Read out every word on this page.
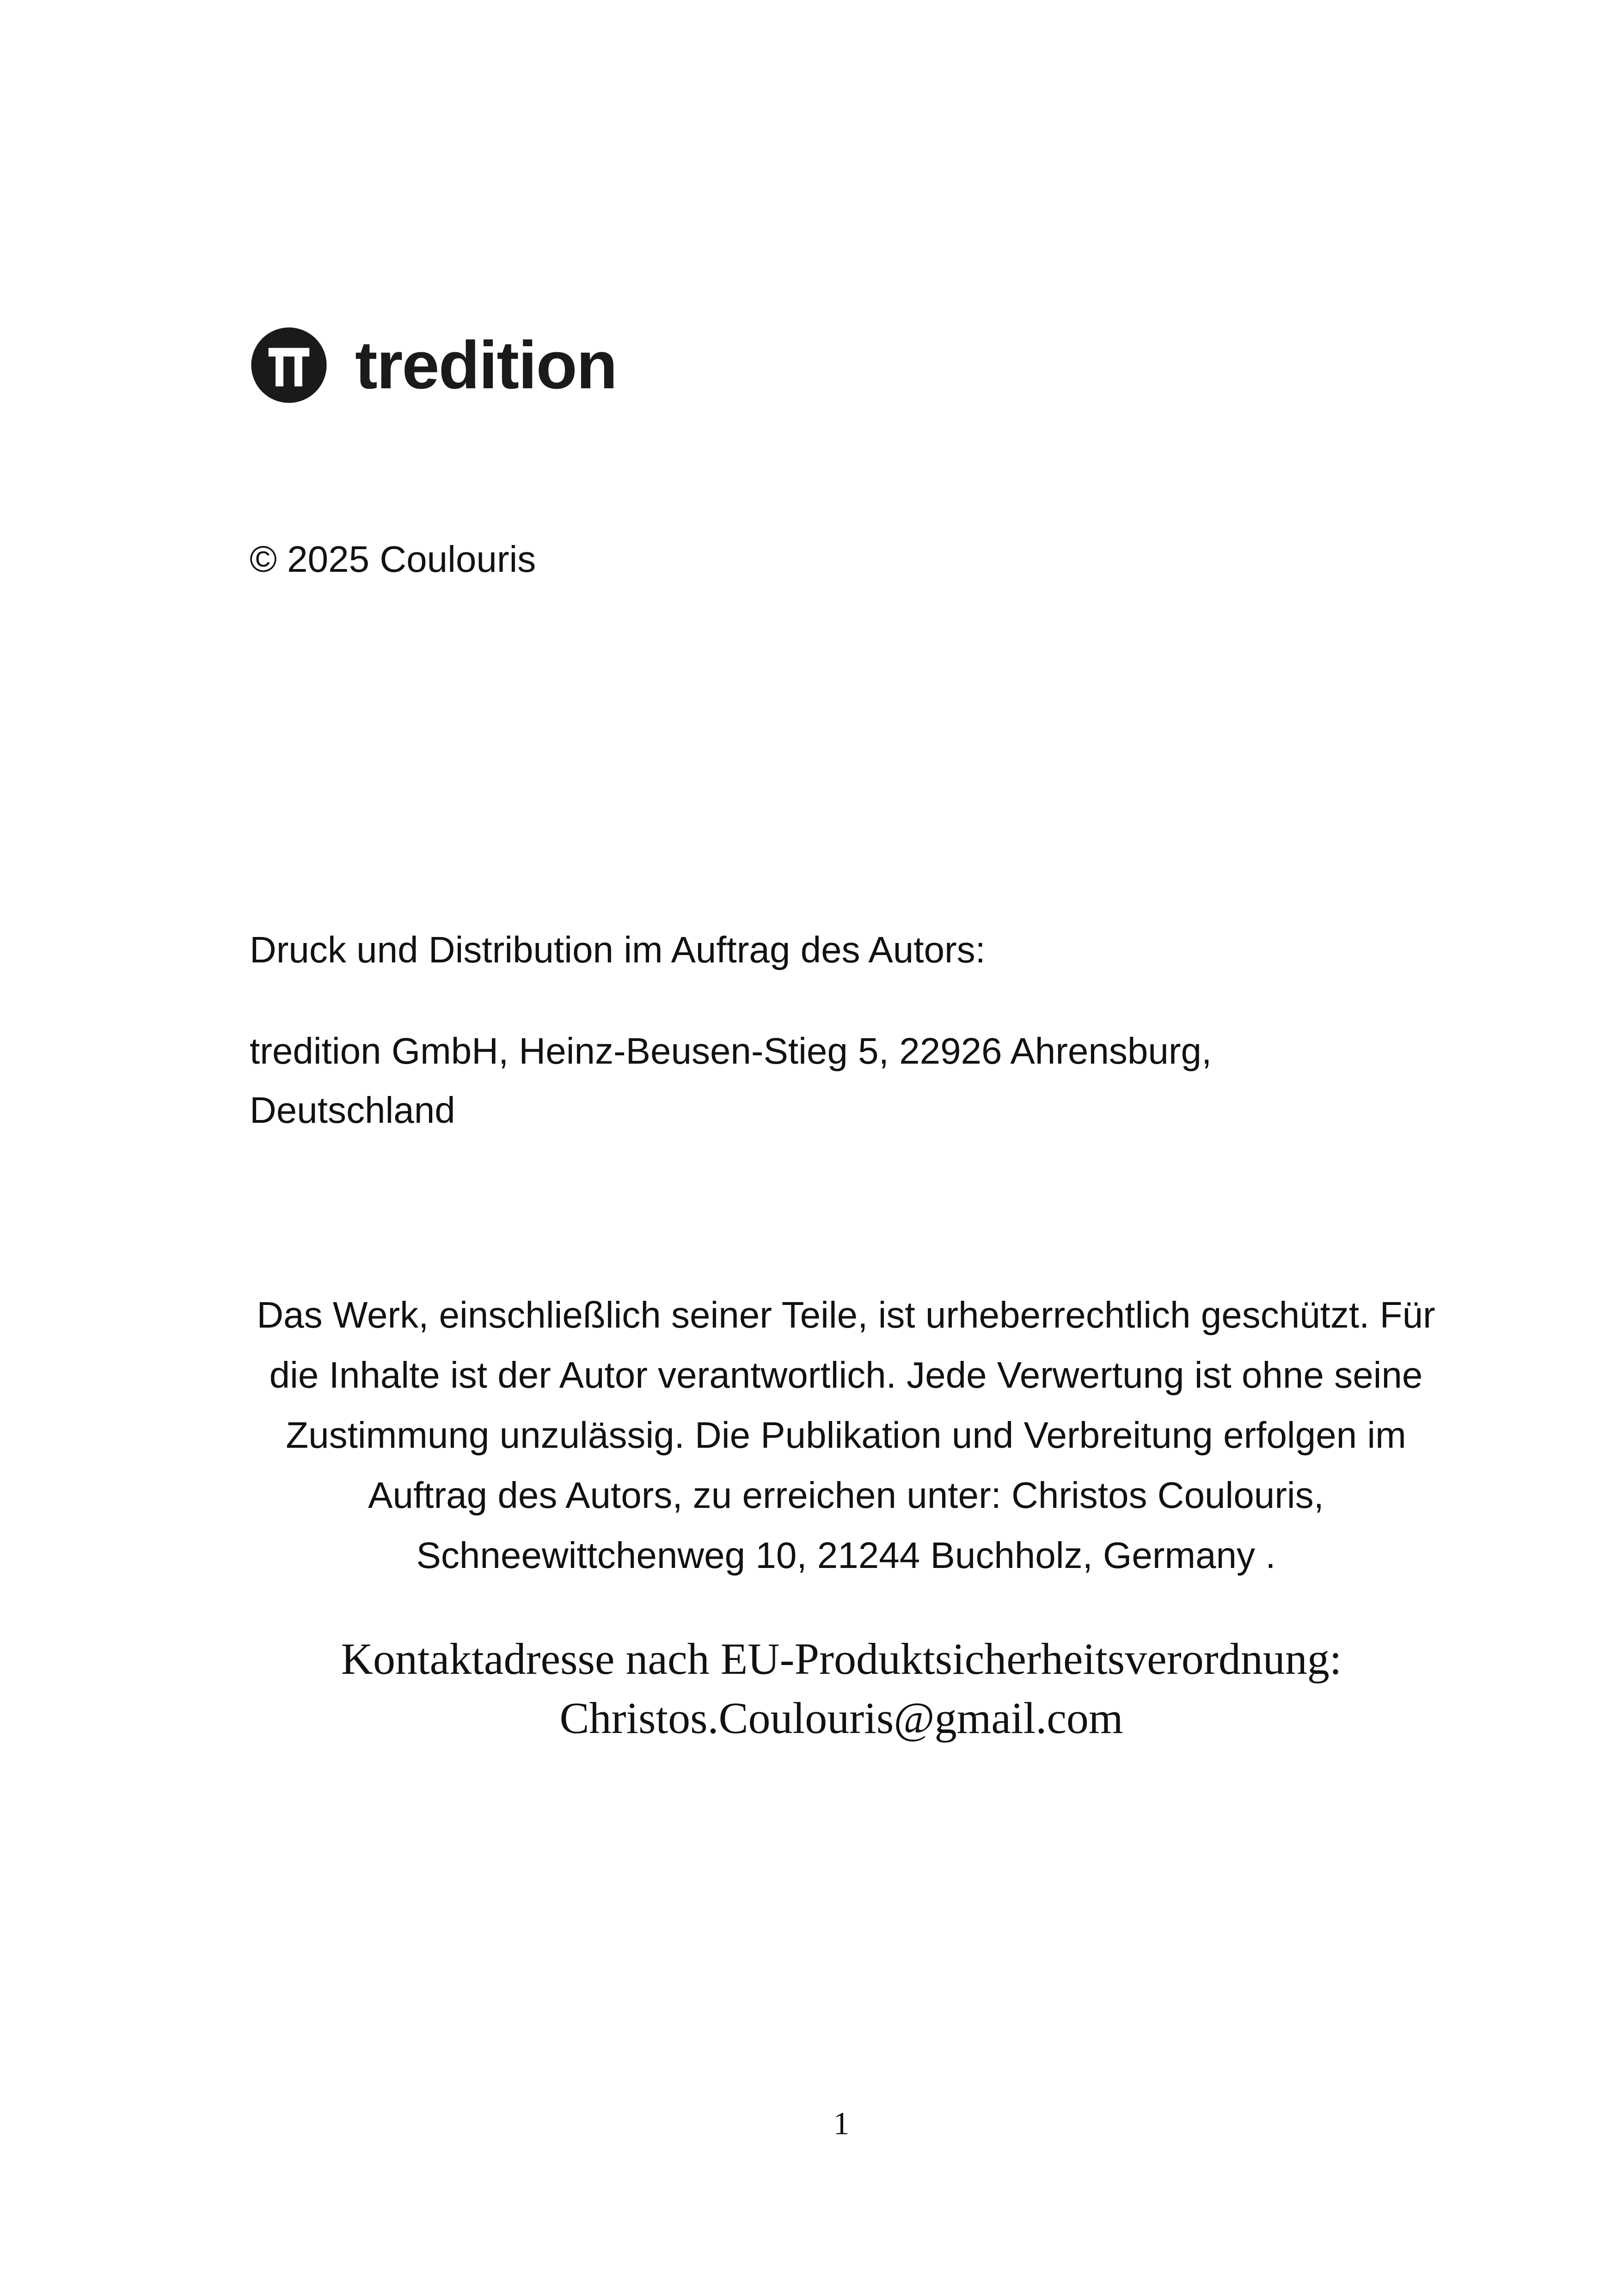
tredition
© 2025 Coulouris
Druck und Distribution im Auftrag des Autors:
tredition GmbH, Heinz-Beusen-Stieg 5, 22926 Ahrensburg, Deutschland
Das Werk, einschließlich seiner Teile, ist urheberrechtlich geschützt. Für die Inhalte ist der Autor verantwortlich. Jede Verwertung ist ohne seine Zustimmung unzulässig. Die Publikation und Verbreitung erfolgen im Auftrag des Autors, zu erreichen unter: Christos Coulouris, Schneewittchenweg 10, 21244 Buchholz, Germany .
Kontaktadresse nach EU-Produktsicherheitsverordnung:
Christos.Coulouris@gmail.com
1
